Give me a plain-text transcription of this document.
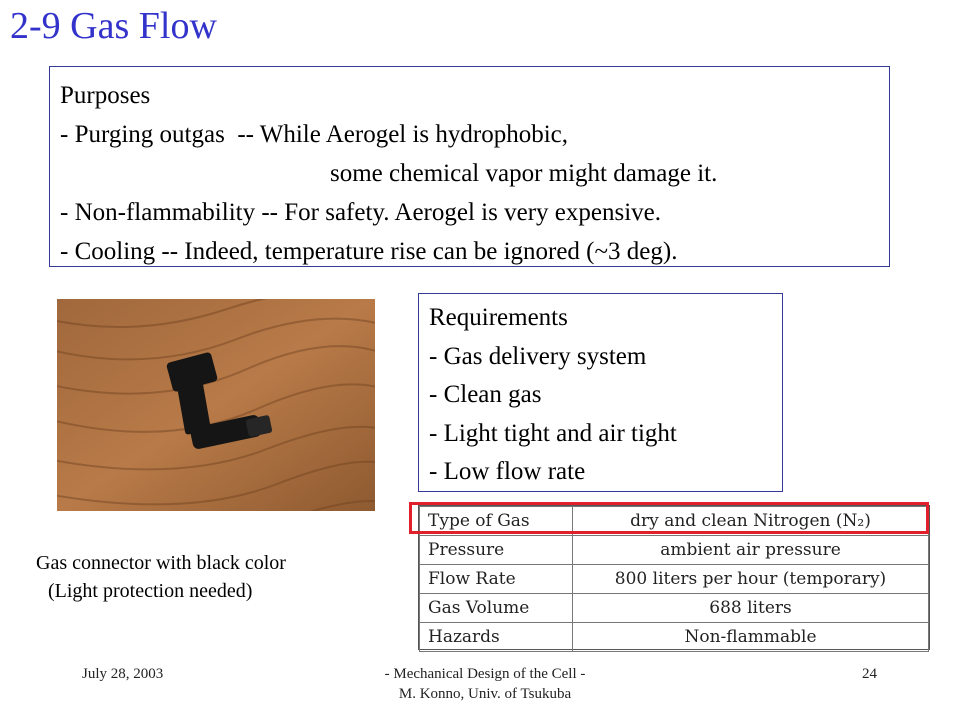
2-9 Gas Flow
Purposes
- Purging outgas  -- While Aerogel is hydrophobic,
some chemical vapor might damage it.
- Non-flammability -- For safety. Aerogel is very expensive.
- Cooling -- Indeed, temperature rise can be ignored (~3 deg).
Gas connector with black color
(Light protection needed)
Requirements
- Gas delivery system
- Clean gas
- Light tight and air tight
- Low flow rate
Type of Gas	dry and clean Nitrogen (N₂)
Pressure	ambient air pressure
Flow Rate	800 liters per hour (temporary)
Gas Volume	688 liters
Hazards	Non-flammable
July 28, 2003	- Mechanical Design of the Cell -
M. Konno, Univ. of Tsukuba
24
